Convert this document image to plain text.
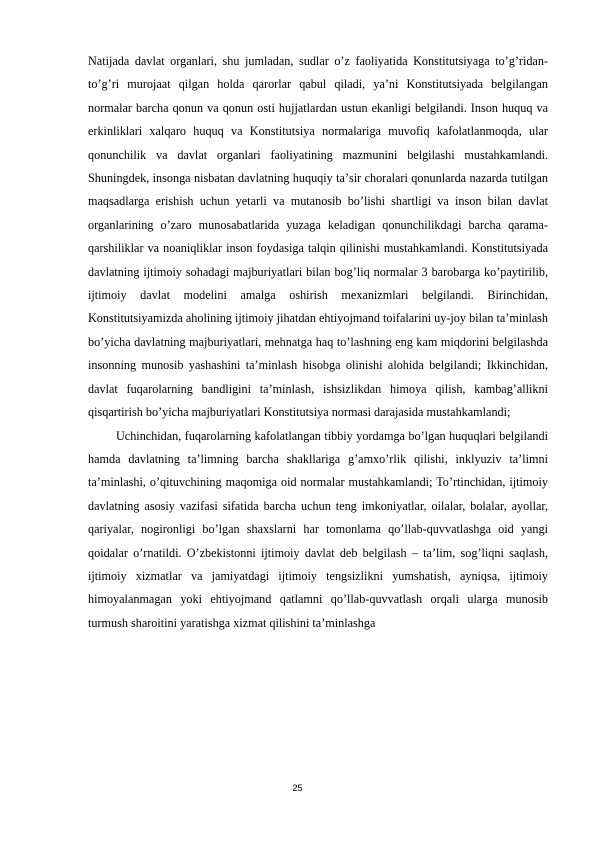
Natijada davlat organlari, shu jumladan, sudlar oʼz faoliyatida Konstitutsiyaga toʼgʼridan-toʼgʼri murojaat qilgan holda qarorlar qabul qiladi, yaʼni Konstitutsiyada belgilangan normalar barcha qonun va qonun osti hujjatlardan ustun ekanligi belgilandi. Inson huquq va erkinliklari xalqaro huquq va Konstitutsiya normalariga muvofiq kafolatlanmoqda, ular qonunchilik va davlat organlari faoliyatining mazmunini belgilashi mustahkamlandi. Shuningdek, insonga nisbatan davlatning huquqiy taʼsir choralari qonunlarda nazarda tutilgan maqsadlarga erishish uchun yetarli va mutanosib boʼlishi shartligi va inson bilan davlat organlarining oʼzaro munosabatlarida yuzaga keladigan qonunchilikdagi barcha qarama-qarshiliklar va noaniqliklar inson foydasiga talqin qilinishi mustahkamlandi. Konstitutsiyada davlatning ijtimoiy sohadagi majburiyatlari bilan bogʼliq normalar 3 barobarga koʼpaytirilib, ijtimoiy davlat modelini amalga oshirish mexanizmlari belgilandi. Birinchidan, Konstitutsiyamizda aholining ijtimoiy jihatdan ehtiyojmand toifalarini uy-joy bilan taʼminlash boʼyicha davlatning majburiyatlari, mehnatga haq toʼlashning eng kam miqdorini belgilashda insonning munosib yashashini taʼminlash hisobga olinishi alohida belgilandi; Ikkinchidan, davlat fuqarolarning bandligini taʼminlash, ishsizlikdan himoya qilish, kambagʼallikni qisqartirish boʼyicha majburiyatlari Konstitutsiya normasi darajasida mustahkamlandi;

Uchinchidan, fuqarolarning kafolatlangan tibbiy yordamga boʼlgan huquqlari belgilandi hamda davlatning taʼlimning barcha shakllariga gʼamxoʼrlik qilishi, inklyuziv taʼlimni taʼminlashi, oʼqituvchining maqomiga oid normalar mustahkamlandi; Toʼrtinchidan, ijtimoiy davlatning asosiy vazifasi sifatida barcha uchun teng imkoniyatlar, oilalar, bolalar, ayollar, qariyalar, nogironligi boʼlgan shaxslarni har tomonlama qoʼllab-quvvatlashga oid yangi qoidalar oʼrnatildi. Oʼzbekistonni ijtimoiy davlat deb belgilash – taʼlim, sogʼliqni saqlash, ijtimoiy xizmatlar va jamiyatdagi ijtimoiy tengsizlikni yumshatish, ayniqsa, ijtimoiy himoyalanmagan yoki ehtiyojmand qatlamni qoʼllab-quvvatlash orqali ularga munosib turmush sharoitini yaratishga xizmat qilishini taʼminlashga

25
